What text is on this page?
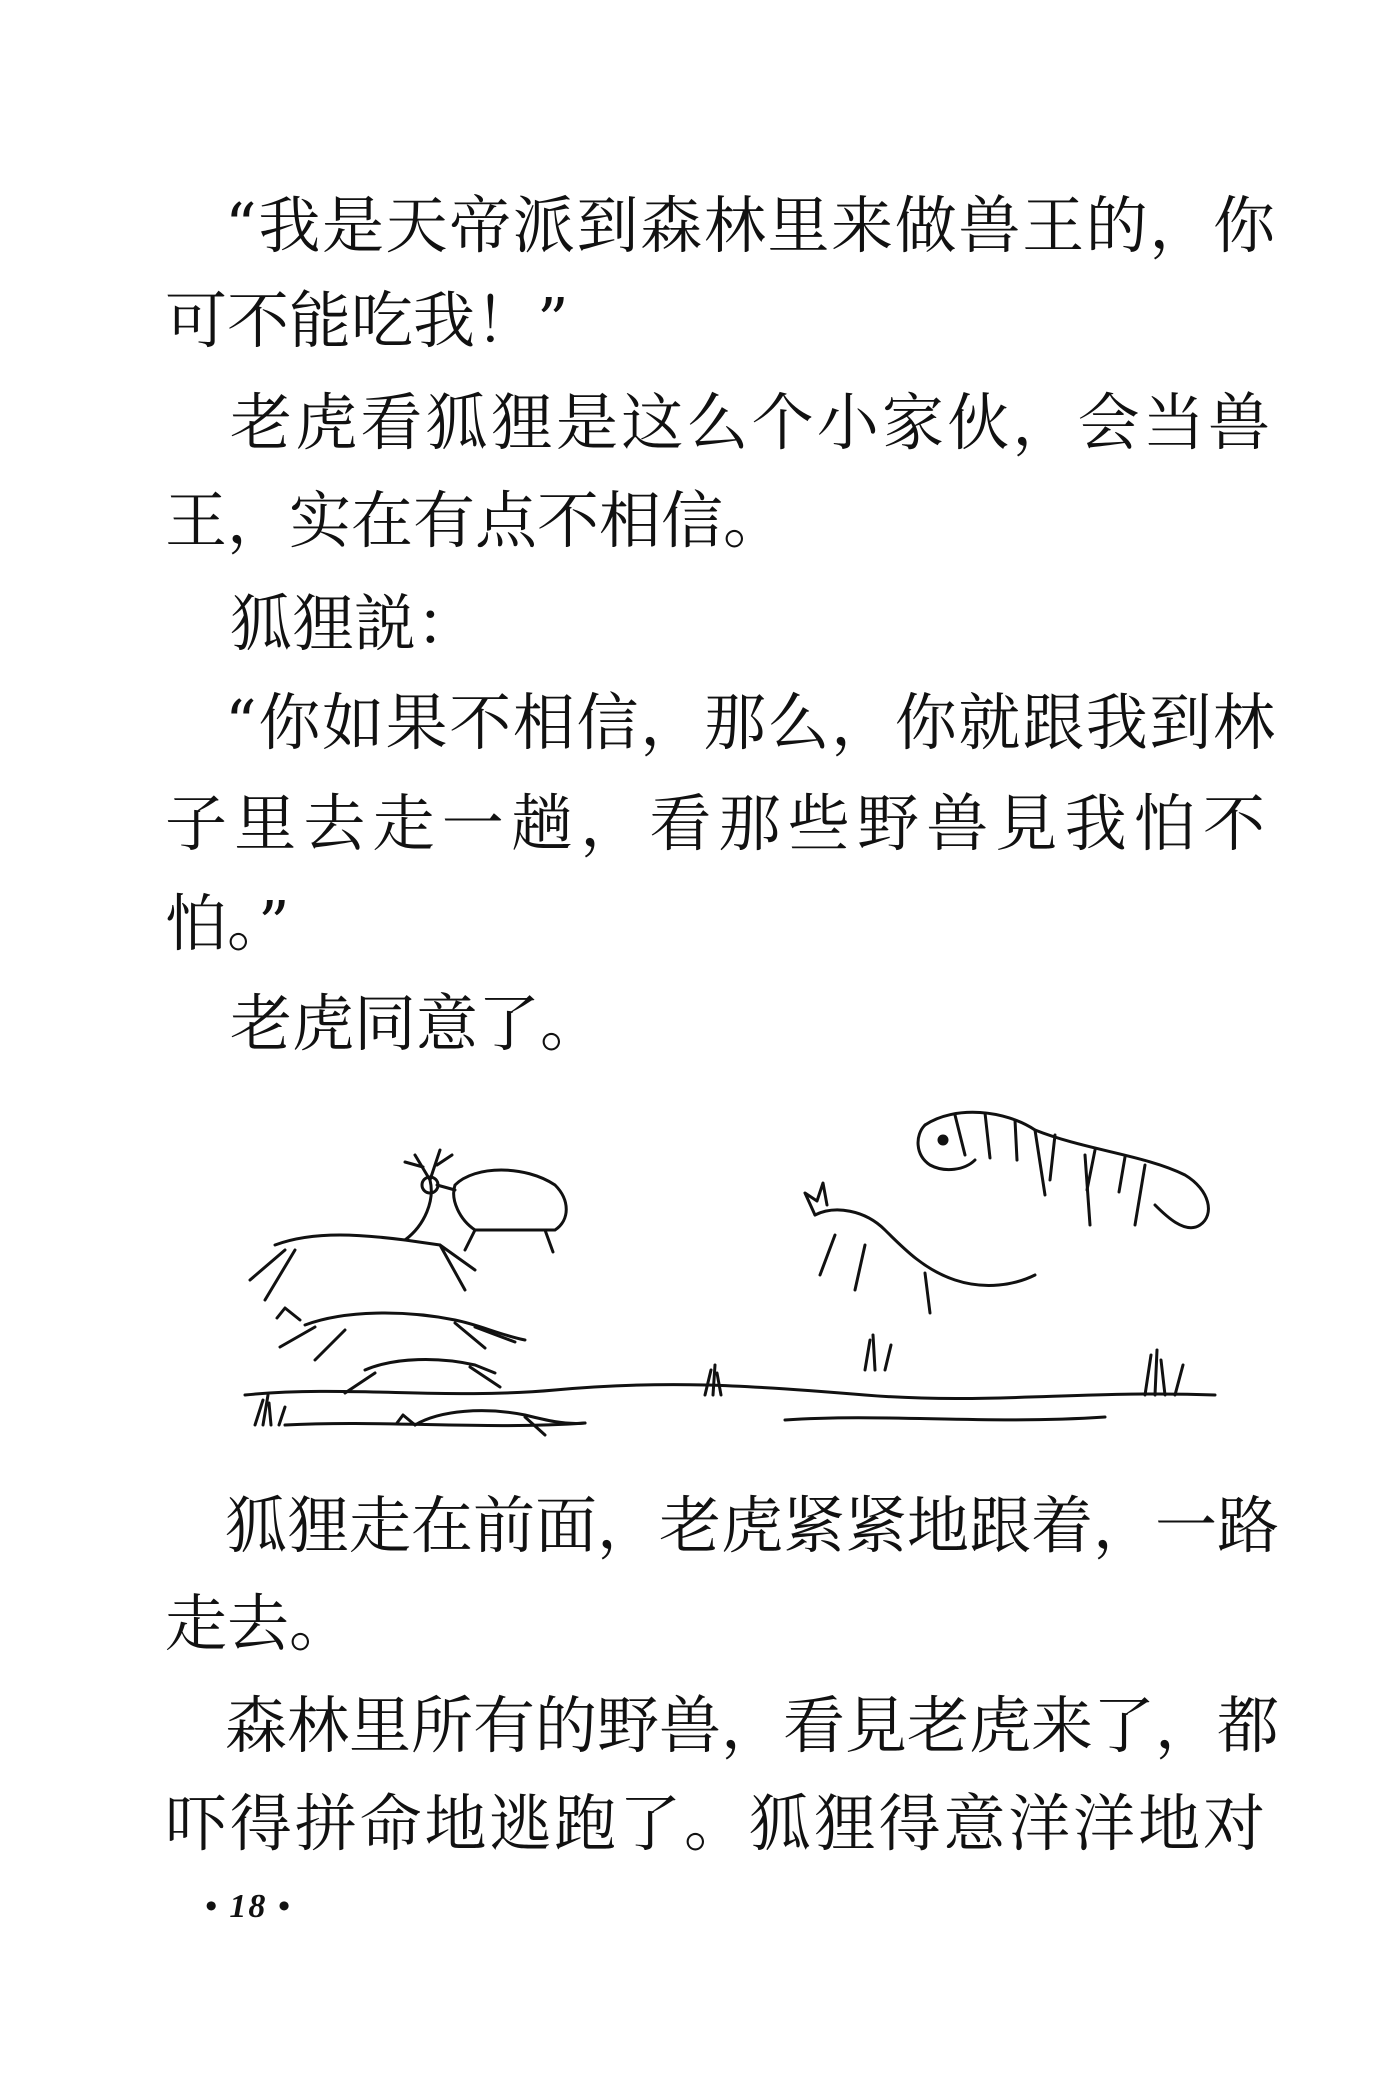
“我是天帝派到森林里来做兽王的，你

可不能吃我！”

老虎看狐狸是这么个小家伙，会当兽

王，实在有点不相信。

狐狸説：

“你如果不相信，那么，你就跟我到林

子里去走一趟，看那些野兽見我怕不

怕。”

老虎同意了。

狐狸走在前面，老虎紧紧地跟着，一路

走去。

森林里所有的野兽，看見老虎来了，都

吓得拼命地逃跑了。狐狸得意洋洋地对

• 18 •
